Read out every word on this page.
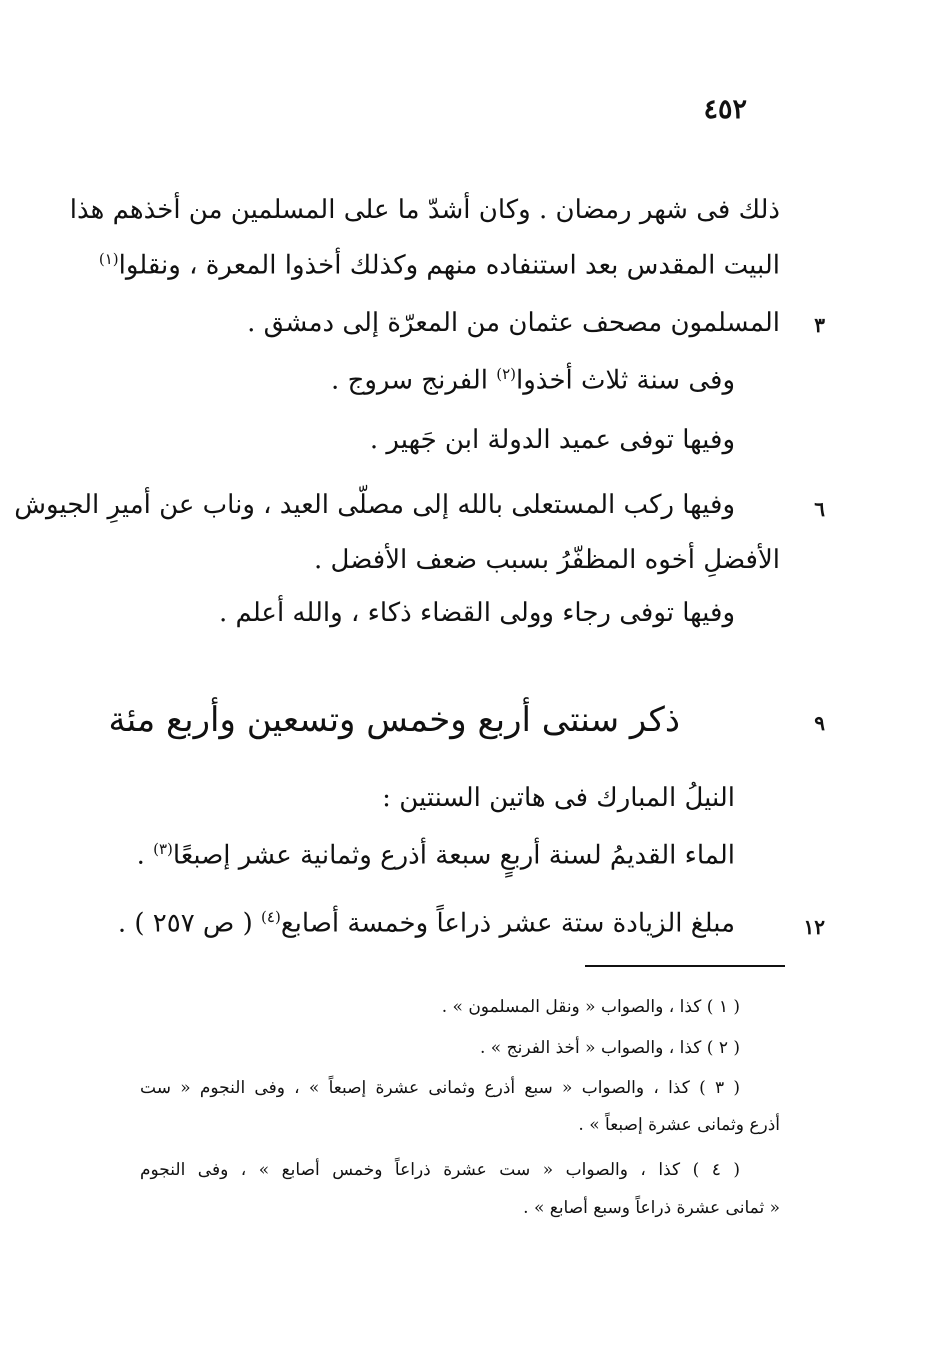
٤٥٢
ذلك فى شهر رمضان . وكان أشدّ ما على المسلمين من أخذهم هذا
البيت المقدس بعد استنفاده منهم وكذلك أخذوا المعرة ، ونقلوا$^{(١)}$
٣
المسلمون مصحف عثمان من المعرّة إلى دمشق .
وفى سنة ثلاث أخذوا$^{(٢)}$ الفرنج سروج .
وفيها توفى عميد الدولة ابن جَهير .
٦
وفيها ركب المستعلى بالله إلى مصلّى العيد ، وناب عن أميرِ الجيوش
الأفضلِ أخوه المظفّرُ بسبب ضعف الأفضل .
وفيها توفى رجاء وولى القضاء ذكاء ، والله أعلم .
٩
ذكر سنتى أربع وخمس وتسعين وأربع مئة
النيلُ المبارك فى هاتين السنتين :
الماء القديمُ لسنة أربعٍ سبعة أذرع وثمانية عشر إصبعًا$^{(٣)}$ .
١٢
مبلغ الزيادة ستة عشر ذراعاً وخمسة أصابع$^{(٤)}$ ( ص ٢٥٧ ) .
( ١ ) كذا ، والصواب « ونقل المسلمون » .
( ٢ ) كذا ، والصواب « أخذ الفرنج » .
( ٣ ) كذا ، والصواب « سبع أذرع وثمانى عشرة إصبعاً » ، وفى النجوم « ست
أذرع وثمانى عشرة إصبعاً » .
( ٤ ) كذا ، والصواب « ست عشرة ذراعاً وخمس أصابع » ، وفى النجوم
« ثمانى عشرة ذراعاً وسبع أصابع » .
